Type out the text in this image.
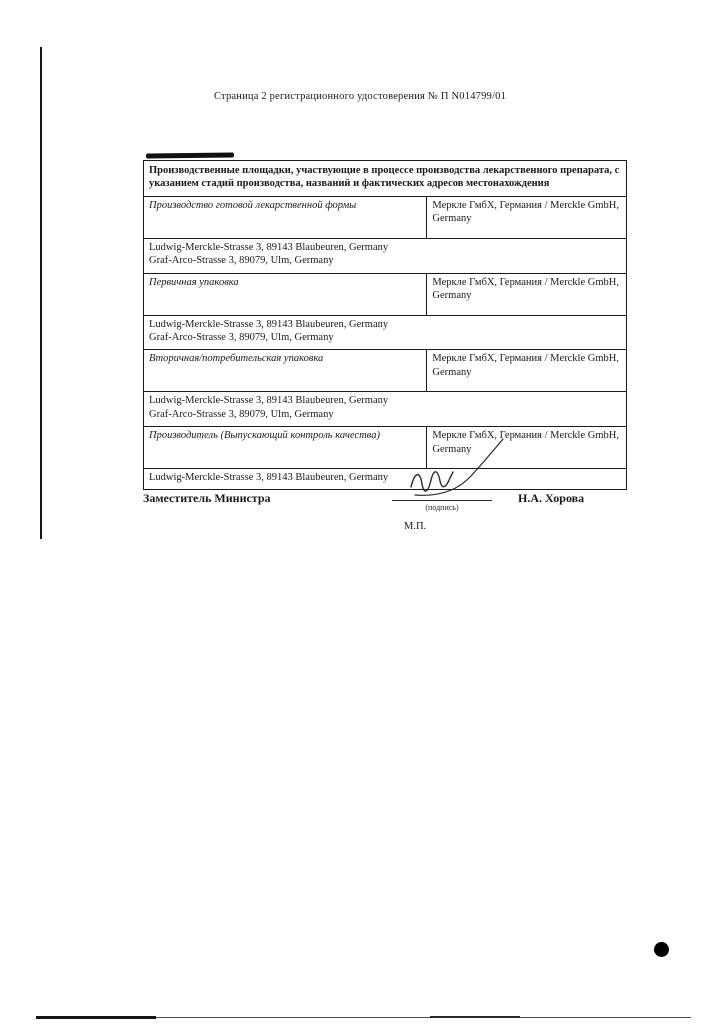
Страница 2 регистрационного удостоверения № П N014799/01
Производственные площадки, участвующие в процессе производства лекарственного препарата, с указанием стадий производства, названий и фактических адресов местонахождения	
Производство готовой лекарственной формы	Меркле ГмбХ, Германия / Merckle GmbH, Germany

Ludwig-Merckle-Strasse 3, 89143 Blaubeuren, Germany
Graf-Arco-Strasse 3, 89079, Ulm, Germany	

Первичная упаковка	Меркле ГмбХ, Германия / Merckle GmbH, Germany

Ludwig-Merckle-Strasse 3, 89143 Blaubeuren, Germany
Graf-Arco-Strasse 3, 89079, Ulm, Germany	

Вторичная/потребительская упаковка	Меркле ГмбХ, Германия / Merckle GmbH, Germany

Ludwig-Merckle-Strasse 3, 89143 Blaubeuren, Germany
Graf-Arco-Strasse 3, 89079, Ulm, Germany	

Производитель (Выпускающий контроль качества)	Меркле ГмбХ, Германия / Merckle GmbH, Germany

Ludwig-Merckle-Strasse 3, 89143 Blaubeuren, Germany	
Заместитель Министра
(подпись)
М.П.
Н.А. Хорова
